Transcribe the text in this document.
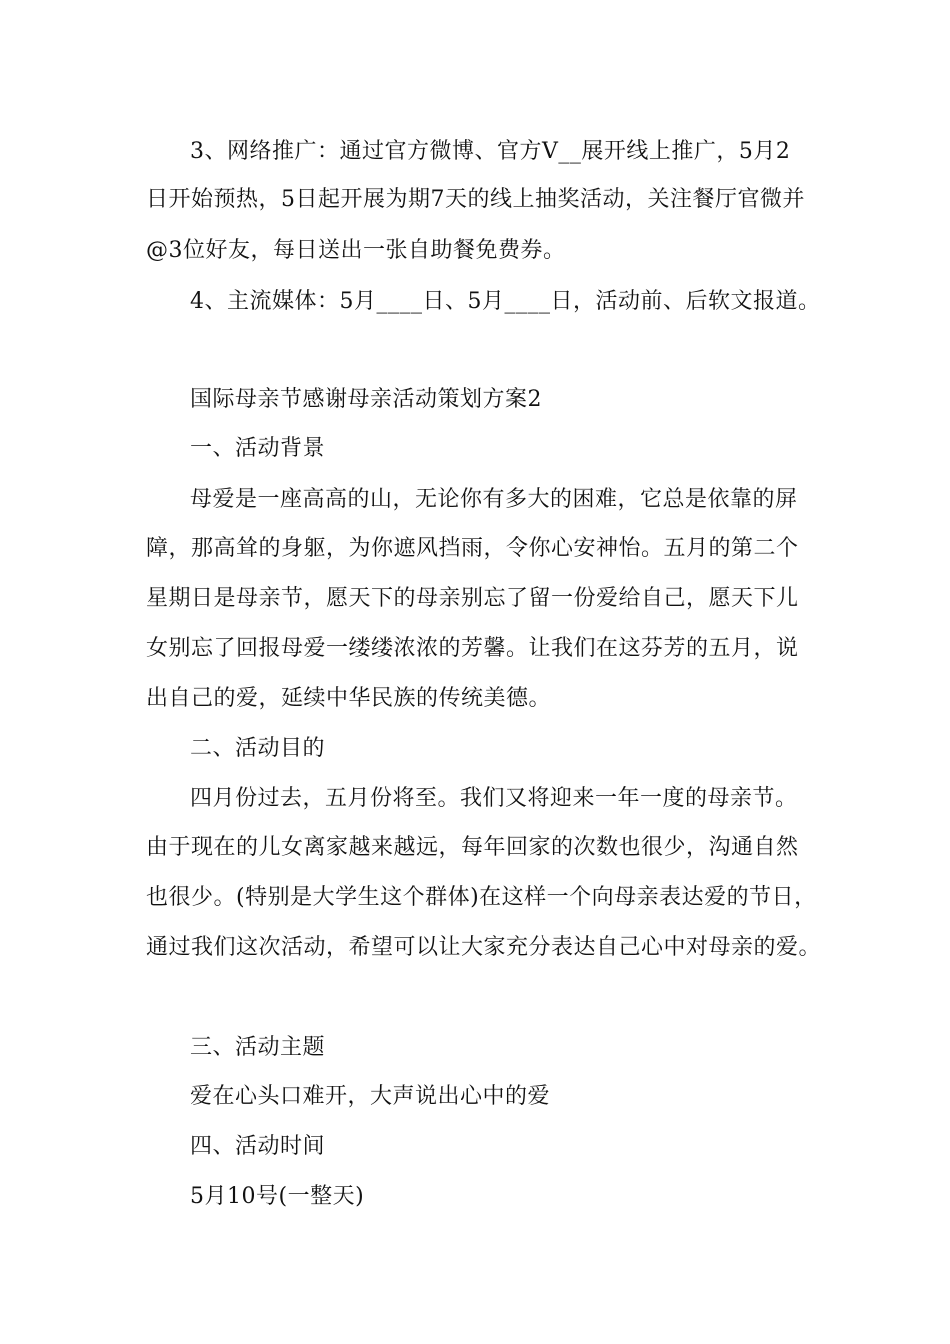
3、网络推广：通过官方微博、官方V__展开线上推广，5月2
日开始预热，5日起开展为期7天的线上抽奖活动，关注餐厅官微并
@3位好友，每日送出一张自助餐免费券。
4、主流媒体：5月____日、5月____日，活动前、后软文报道。
国际母亲节感谢母亲活动策划方案2
一、活动背景
母爱是一座高高的山，无论你有多大的困难，它总是依靠的屏
障，那高耸的身躯，为你遮风挡雨，令你心安神怡。五月的第二个
星期日是母亲节，愿天下的母亲别忘了留一份爱给自己，愿天下儿
女别忘了回报母爱一缕缕浓浓的芳馨。让我们在这芬芳的五月，说
出自己的爱，延续中华民族的传统美德。
二、活动目的
四月份过去，五月份将至。我们又将迎来一年一度的母亲节。
由于现在的儿女离家越来越远，每年回家的次数也很少，沟通自然
也很少。(特别是大学生这个群体)在这样一个向母亲表达爱的节日，
通过我们这次活动，希望可以让大家充分表达自己心中对母亲的爱。
三、活动主题
爱在心头口难开，大声说出心中的爱
四、活动时间
5月10号(一整天)
